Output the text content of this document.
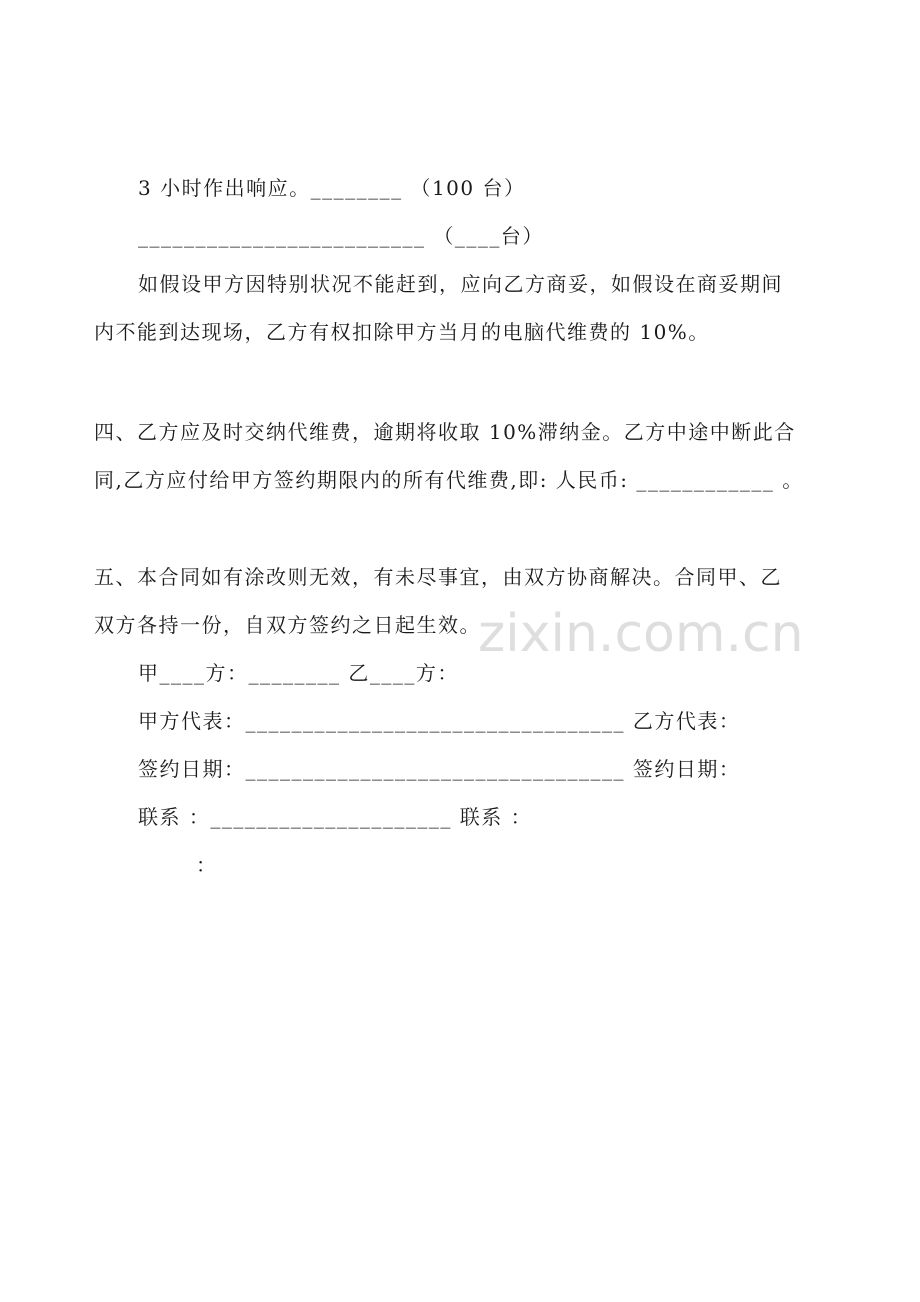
3 小时作出响应。________ （100 台）
_________________________ （____台）
如假设甲方因特别状况不能赶到，应向乙方商妥，如假设在商妥期间
内不能到达现场，乙方有权扣除甲方当月的电脑代维费的 10%。
四、乙方应及时交纳代维费，逾期将收取 10%滞纳金。乙方中途中断此合
同,乙方应付给甲方签约期限内的所有代维费,即: 人民币: ____________ 。
五、本合同如有涂改则无效，有未尽事宜，由双方协商解决。合同甲、乙
双方各持一份，自双方签约之日起生效。
甲____方：________ 乙____方：
甲方代表：_________________________________ 乙方代表：
签约日期：_________________________________ 签约日期：
联系 ：_____________________ 联系 ：
：
zixin.com.cn
